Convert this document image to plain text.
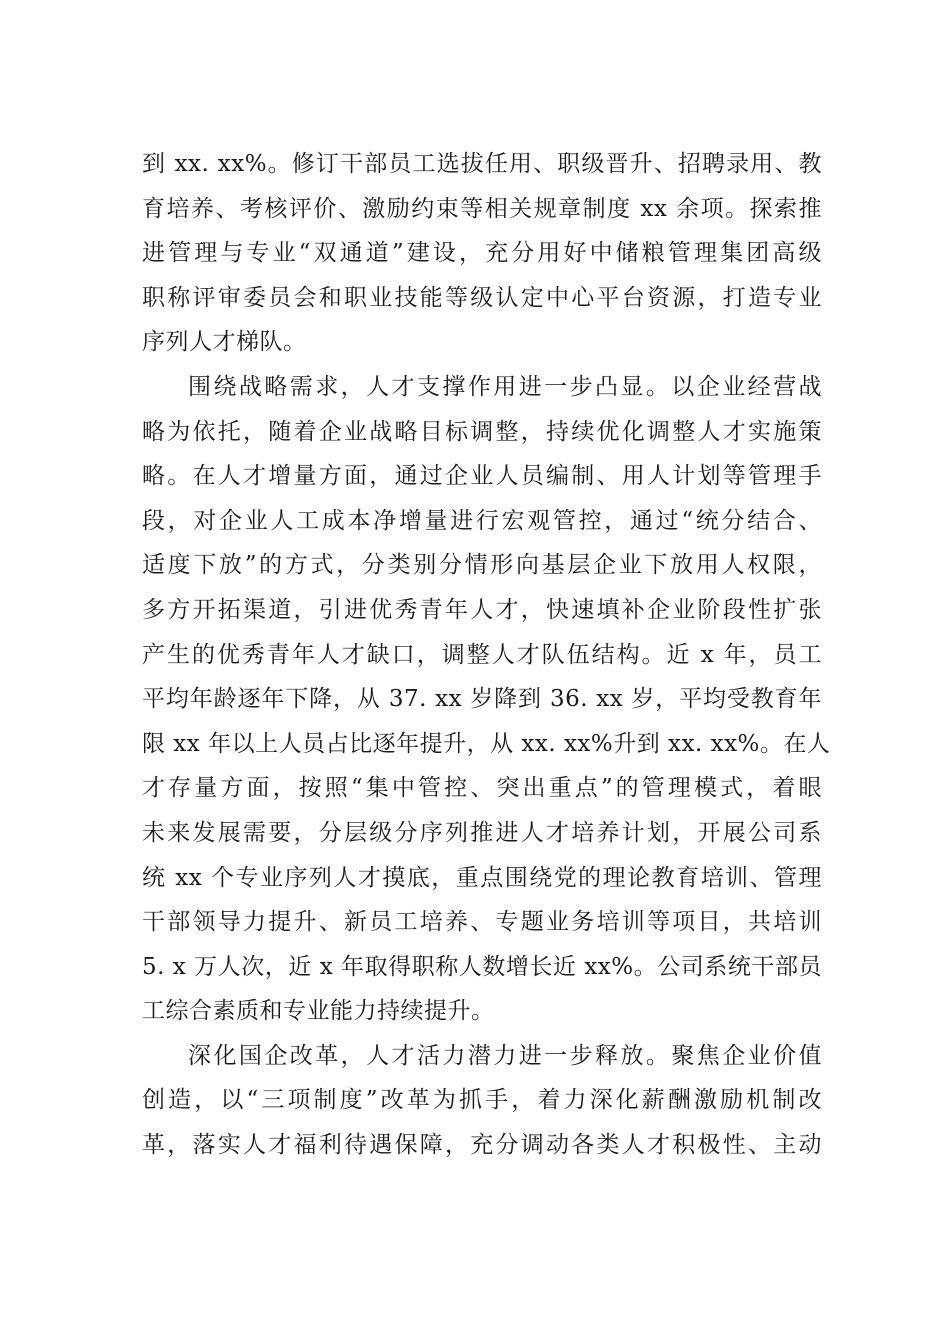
到 xx. xx%。修订干部员工选拔任用、职级晋升、招聘录用、教
育培养、考核评价、激励约束等相关规章制度 xx 余项。探索推
进管理与专业“双通道”建设，充分用好中储粮管理集团高级
职称评审委员会和职业技能等级认定中心平台资源，打造专业
序列人才梯队。
围绕战略需求，人才支撑作用进一步凸显。以企业经营战
略为依托，随着企业战略目标调整，持续优化调整人才实施策
略。在人才增量方面，通过企业人员编制、用人计划等管理手
段，对企业人工成本净增量进行宏观管控，通过“统分结合、
适度下放”的方式，分类别分情形向基层企业下放用人权限，
多方开拓渠道，引进优秀青年人才，快速填补企业阶段性扩张
产生的优秀青年人才缺口，调整人才队伍结构。近 x 年，员工
平均年龄逐年下降，从 37. xx 岁降到 36. xx 岁，平均受教育年
限 xx 年以上人员占比逐年提升，从 xx. xx%升到 xx. xx%。在人
才存量方面，按照“集中管控、突出重点”的管理模式，着眼
未来发展需要，分层级分序列推进人才培养计划，开展公司系
统 xx 个专业序列人才摸底，重点围绕党的理论教育培训、管理
干部领导力提升、新员工培养、专题业务培训等项目，共培训
5. x 万人次，近 x 年取得职称人数增长近 xx%。公司系统干部员
工综合素质和专业能力持续提升。
深化国企改革，人才活力潜力进一步释放。聚焦企业价值
创造，以“三项制度”改革为抓手，着力深化薪酬激励机制改
革，落实人才福利待遇保障，充分调动各类人才积极性、主动
